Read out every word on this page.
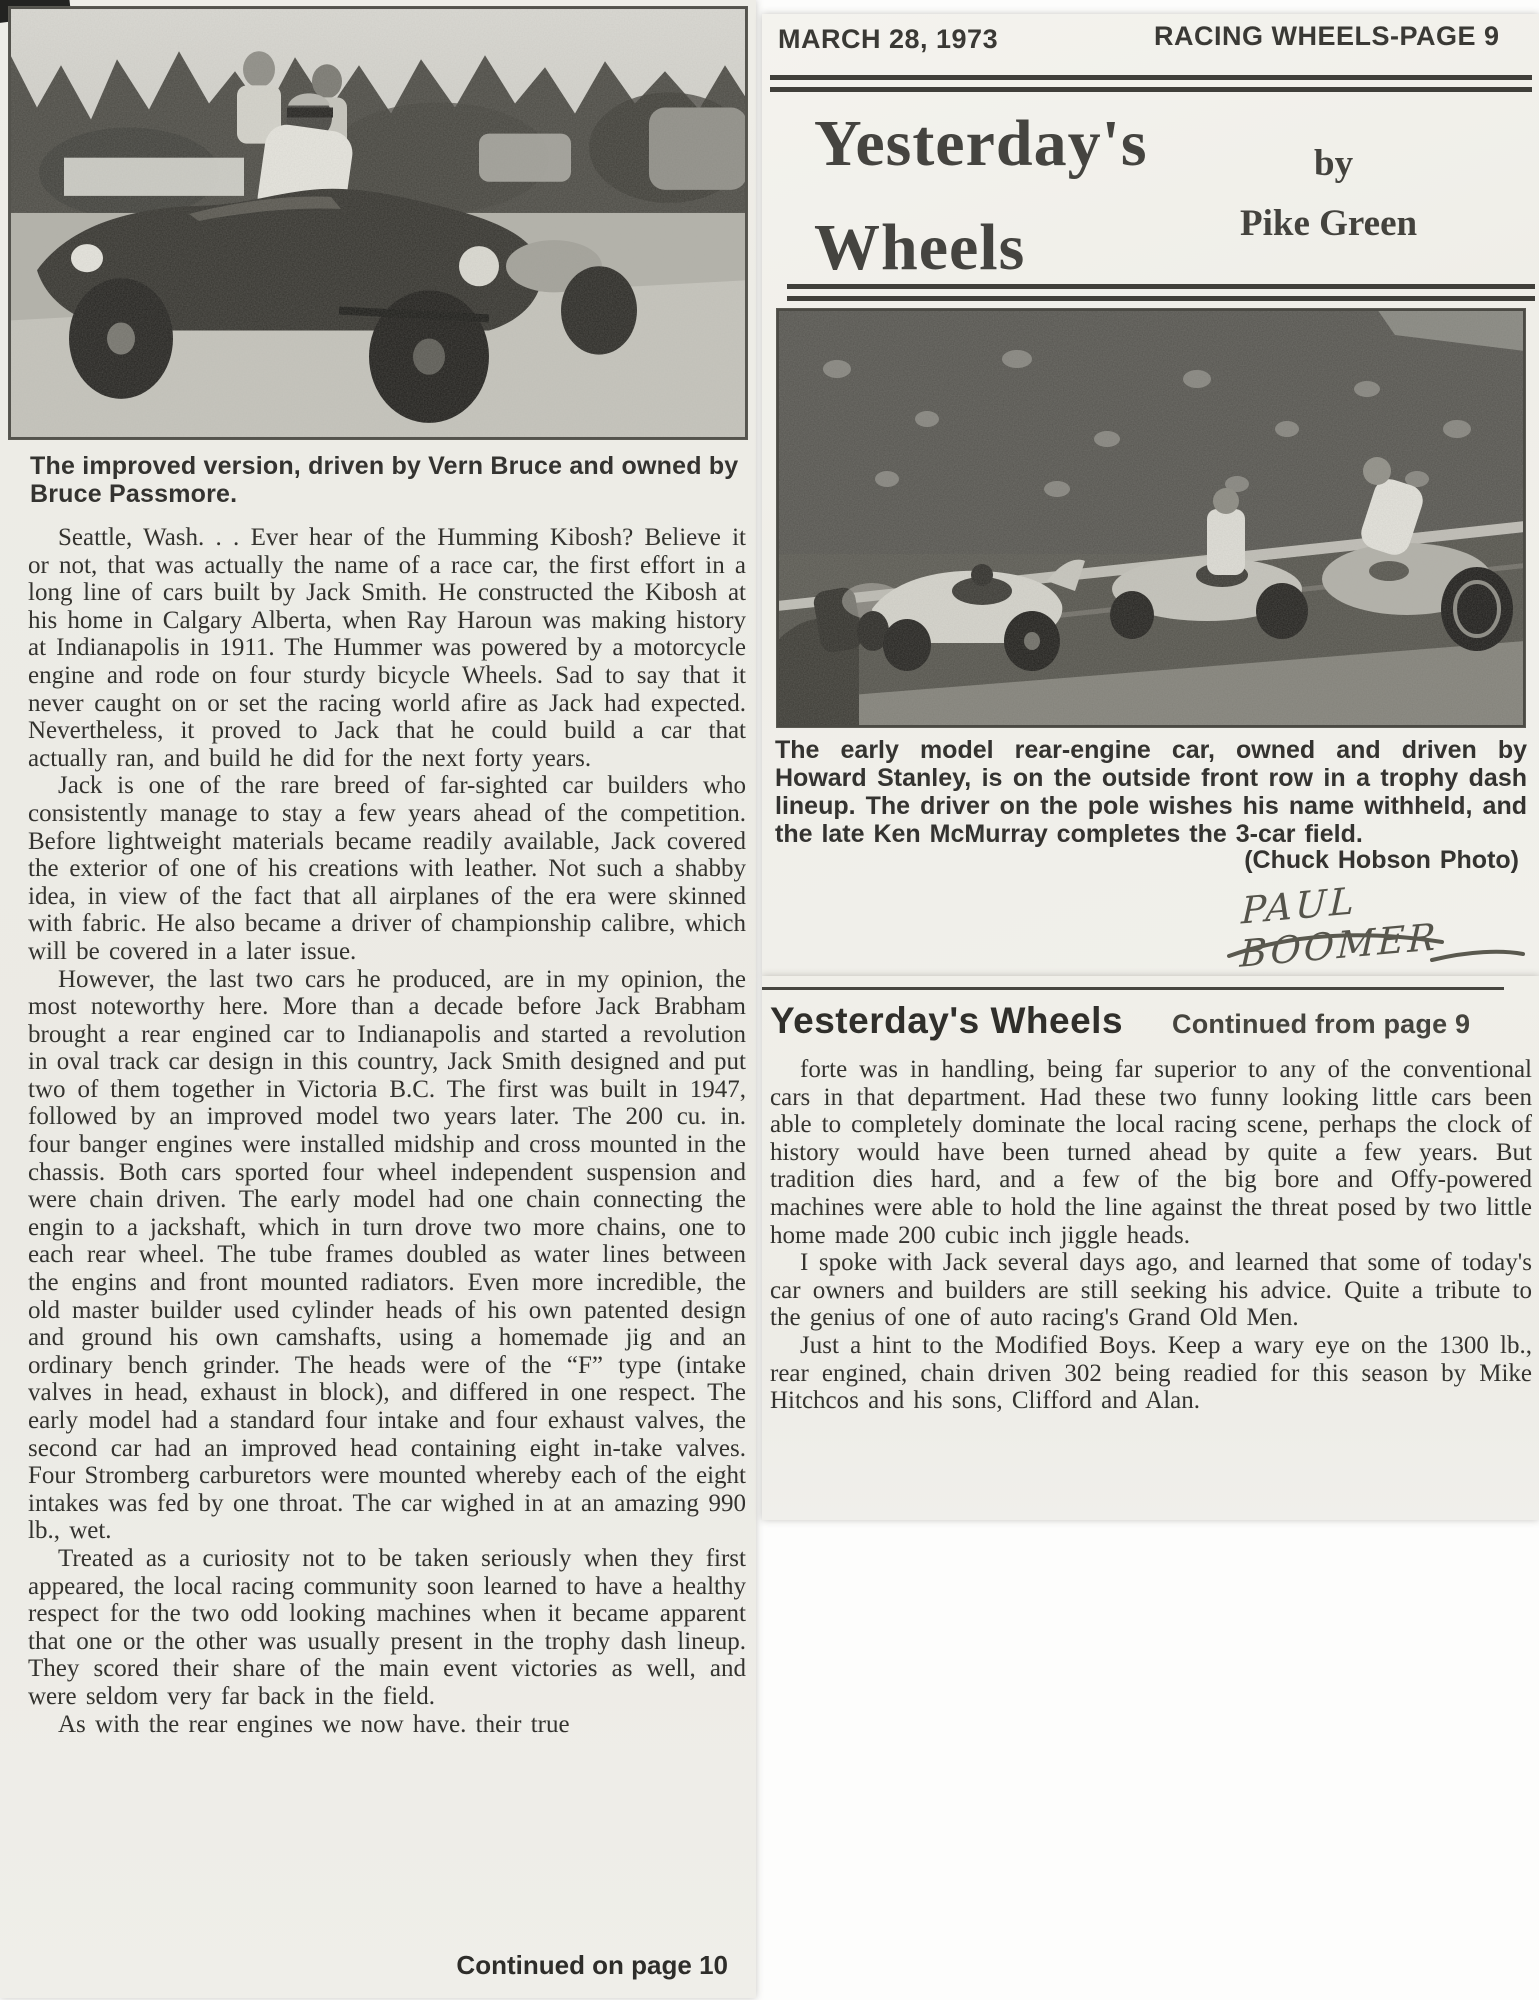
The improved version, driven by Vern Bruce and owned by Bruce Passmore.

Seattle, Wash. . . Ever hear of the Humming Kibosh? Believe it or not, that was actually the name of a race car, the first effort in a long line of cars built by Jack Smith. He constructed the Kibosh at his home in Calgary Alberta, when Ray Haroun was making history at Indianapolis in 1911. The Hummer was powered by a motorcycle engine and rode on four sturdy bicycle Wheels. Sad to say that it never caught on or set the racing world afire as Jack had expected. Nevertheless, it proved to Jack that he could build a car that actually ran, and build he did for the next forty years.

Jack is one of the rare breed of far-sighted car builders who consistently manage to stay a few years ahead of the competition. Before lightweight materials became readily available, Jack covered the exterior of one of his creations with leather. Not such a shabby idea, in view of the fact that all airplanes of the era were skinned with fabric. He also became a driver of championship calibre, which will be covered in a later issue.

However, the last two cars he produced, are in my opinion, the most noteworthy here. More than a decade before Jack Brabham brought a rear engined car to Indianapolis and started a revolution in oval track car design in this country, Jack Smith designed and put two of them together in Victoria B.C. The first was built in 1947, followed by an improved model two years later. The 200 cu. in. four banger engines were installed midship and cross mounted in the chassis. Both cars sported four wheel independent suspension and were chain driven. The early model had one chain connecting the engin to a jackshaft, which in turn drove two more chains, one to each rear wheel. The tube frames doubled as water lines between the engins and front mounted radiators. Even more incredible, the old master builder used cylinder heads of his own patented design and ground his own camshafts, using a homemade jig and an ordinary bench grinder. The heads were of the “F” type (intake valves in head, exhaust in block), and differed in one respect. The early model had a standard four intake and four exhaust valves, the second car had an improved head containing eight in-take valves. Four Stromberg carburetors were mounted whereby each of the eight intakes was fed by one throat. The car wighed in at an amazing 990 lb., wet.

Treated as a curiosity not to be taken seriously when they first appeared, the local racing community soon learned to have a healthy respect for the two odd looking machines when it became apparent that one or the other was usually present in the trophy dash lineup. They scored their share of the main event victories as well, and were seldom very far back in the field.

As with the rear engines we now have. their true

Continued on page 10
MARCH 28, 1973	RACING WHEELS-PAGE 9
Yesterday's
Wheels
by
Pike Green
The early model rear-engine car, owned and driven by Howard Stanley, is on the outside front row in a trophy dash lineup. The driver on the pole wishes his name withheld, and the late Ken McMurray completes the 3-car field.
(Chuck Hobson Photo)
PAUL BOOMER
Yesterday's Wheels Continued from page 9

forte was in handling, being far superior to any of the conventional cars in that department. Had these two funny looking little cars been able to completely dominate the local racing scene, perhaps the clock of history would have been turned ahead by quite a few years. But tradition dies hard, and a few of the big bore and Offy-powered machines were able to hold the line against the threat posed by two little home made 200 cubic inch jiggle heads.

I spoke with Jack several days ago, and learned that some of today's car owners and builders are still seeking his advice. Quite a tribute to the genius of one of auto racing's Grand Old Men.

Just a hint to the Modified Boys. Keep a wary eye on the 1300 lb., rear engined, chain driven 302 being readied for this season by Mike Hitchcos and his sons, Clifford and Alan.
